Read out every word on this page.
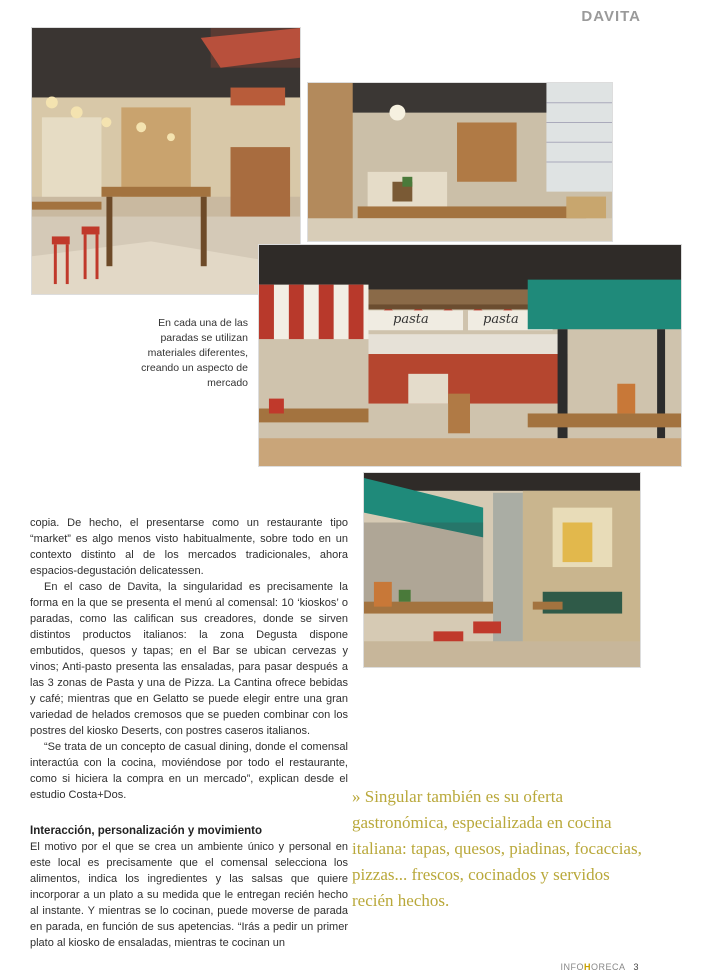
DAVITA
pasta	pasta
En cada una de las paradas se utilizan materiales diferentes, creando un aspecto de mercado

copia. De hecho, el presentarse como un restaurante tipo “market” es algo menos visto habitualmente, sobre todo en un contexto distinto al de los mercados tradicionales, ahora espacios-degustación delicatessen.

En el caso de Davita, la singularidad es precisamente la forma en la que se presenta el menú al comensal: 10 ‘kioskos’ o paradas, como las califican sus creadores, donde se sirven distintos productos italianos: la zona Degusta dispone embutidos, quesos y tapas; en el Bar se ubican cervezas y vinos; Anti-pasto presenta las ensaladas, para pasar después a las 3 zonas de Pasta y una de Pizza. La Cantina ofrece bebidas y café; mientras que en Gelatto se puede elegir entre una gran variedad de helados cremosos que se pueden combinar con los postres del kiosko Deserts, con postres caseros italianos.

“Se trata de un concepto de casual dining, donde el comensal interactúa con la cocina, moviéndose por todo el restaurante, como si hiciera la compra en un mercado”, explican desde el estudio Costa+Dos.

Interacción, personalización y movimiento

El motivo por el que se crea un ambiente único y personal en este local es precisamente que el comensal selecciona los alimentos, indica los ingredientes y las salsas que quiere incorporar a un plato a su medida que le entregan recién hecho al instante. Y mientras se lo cocinan, puede moverse de parada en parada, en función de sus apetencias. “Irás a pedir un primer plato al kiosko de ensaladas, mientras te cocinan un

» Singular también es su oferta gastronómica, especializada en cocina italiana: tapas, quesos, piadinas, focaccias, pizzas... frescos, cocinados y servidos recién hechos.
INFOHORECA 3
